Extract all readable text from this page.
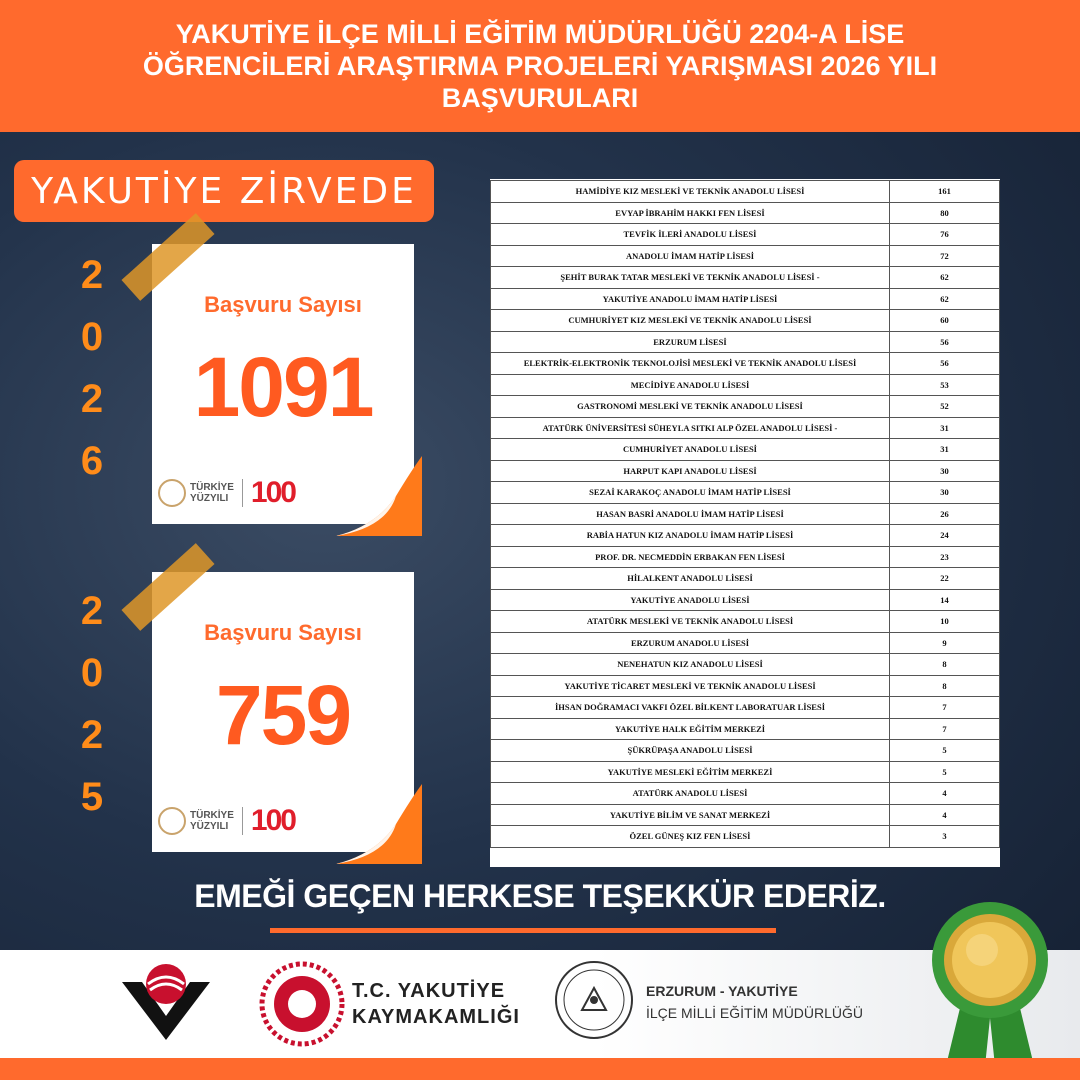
YAKUTİYE İLÇE MİLLİ EĞİTİM MÜDÜRLÜĞÜ 2204-A LİSE
ÖĞRENCİLERİ ARAŞTIRMA PROJELERİ YARIŞMASI 2026 YILI
BAŞVURULARI
YAKUTİYE ZİRVEDE
2
0
2
6
Başvuru Sayısı
1091
TÜRKİYE
YÜZYILI 100
2
0
2
5
Başvuru Sayısı
759
TÜRKİYE
YÜZYILI 100
HAMİDİYE KIZ MESLEKİ VE TEKNİK ANADOLU LİSESİ	161
EVYAP İBRAHİM HAKKI FEN LİSESİ	80
TEVFİK İLERİ ANADOLU LİSESİ	76
ANADOLU İMAM HATİP LİSESİ	72
ŞEHİT BURAK TATAR MESLEKİ VE TEKNİK ANADOLU LİSESİ -	62
YAKUTİYE ANADOLU İMAM HATİP LİSESİ	62
CUMHURİYET KIZ MESLEKİ VE TEKNİK ANADOLU LİSESİ	60
ERZURUM LİSESİ	56
ELEKTRİK-ELEKTRONİK TEKNOLOJİSİ MESLEKİ VE TEKNİK ANADOLU LİSESİ	56
MECİDİYE ANADOLU LİSESİ	53
GASTRONOMİ MESLEKİ VE TEKNİK ANADOLU LİSESİ	52
ATATÜRK ÜNİVERSİTESİ SÜHEYLA SITKI ALP ÖZEL ANADOLU LİSESİ -	31
CUMHURİYET ANADOLU LİSESİ	31
HARPUT KAPI ANADOLU LİSESİ	30
SEZAİ KARAKOÇ ANADOLU İMAM HATİP LİSESİ	30
HASAN BASRİ ANADOLU İMAM HATİP LİSESİ	26
RABİA HATUN KIZ ANADOLU İMAM HATİP LİSESİ	24
PROF. DR. NECMEDDİN ERBAKAN FEN LİSESİ	23
HİLALKENT ANADOLU LİSESİ	22
YAKUTİYE ANADOLU LİSESİ	14
ATATÜRK MESLEKİ VE TEKNİK ANADOLU LİSESİ	10
ERZURUM ANADOLU LİSESİ	9
NENEHATUN KIZ ANADOLU LİSESİ	8
YAKUTİYE TİCARET MESLEKİ VE TEKNİK ANADOLU LİSESİ	8
İHSAN DOĞRAMACI VAKFI ÖZEL BİLKENT LABORATUAR LİSESİ	7
YAKUTİYE HALK EĞİTİM MERKEZİ	7
ŞÜKRÜPAŞA ANADOLU LİSESİ	5
YAKUTİYE MESLEKİ EĞİTİM MERKEZİ	5
ATATÜRK ANADOLU LİSESİ	4
YAKUTİYE BİLİM VE SANAT MERKEZİ	4
ÖZEL GÜNEŞ KIZ FEN LİSESİ	3
EMEĞİ GEÇEN HERKESE TEŞEKKÜR EDERİZ.
T.C. YAKUTİYE
KAYMAKAMLIĞI
ERZURUM - YAKUTİYE
İLÇE MİLLİ EĞİTİM MÜDÜRLÜĞÜ
